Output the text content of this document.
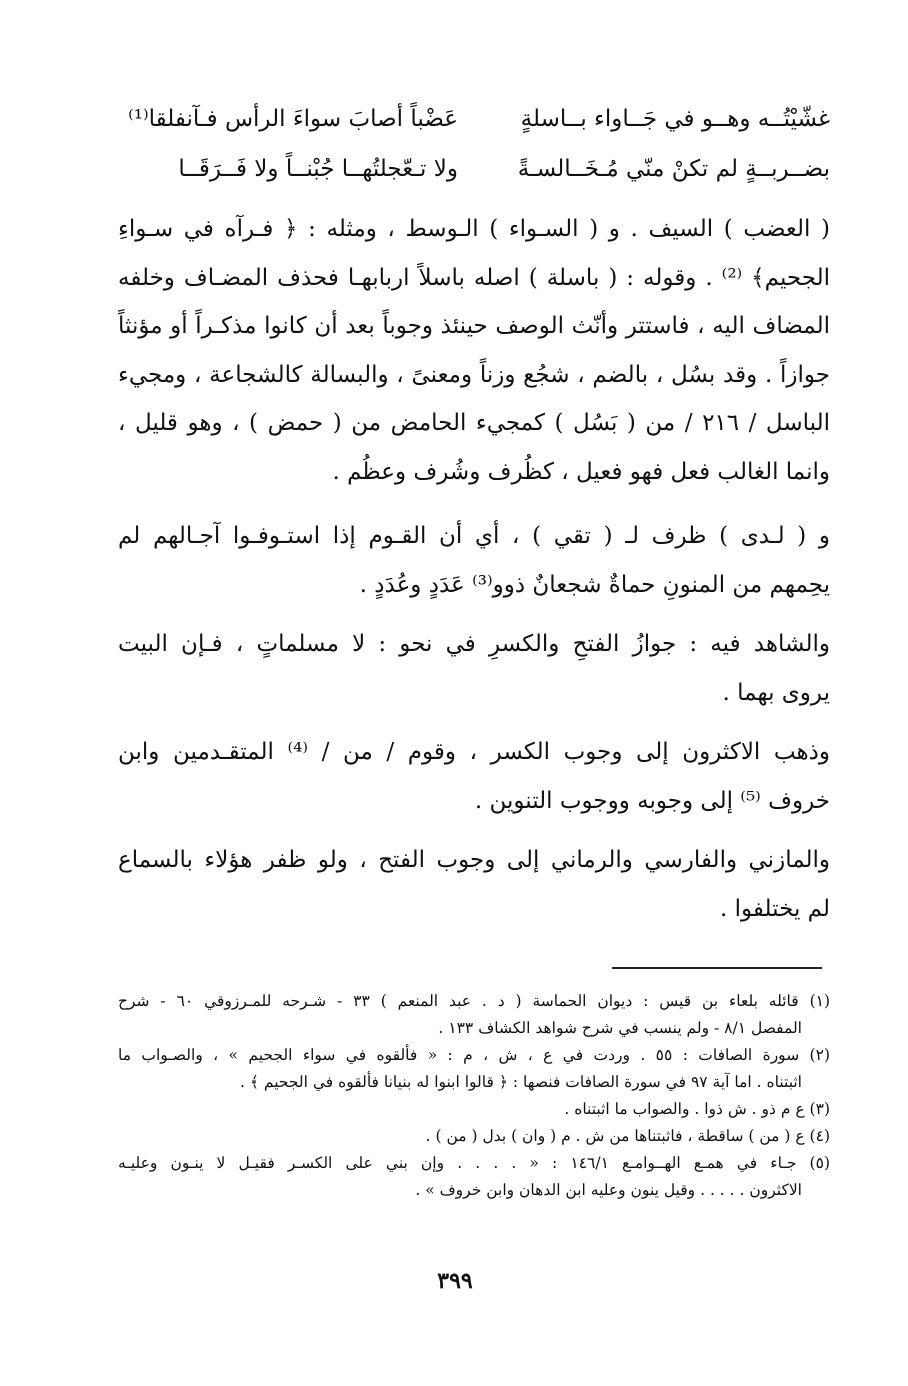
غشّيْتُــه وهــو في جَــاواء بــاسلةٍ
عَضْباً أصابَ سواءَ الرأس فـآنفلقا⁽¹⁾
بضــربــةٍ لم تكنْ منّي مُـخَــالسـةً
ولا تـعّجلتُهــا جُبْنــاً ولا فَــرَقَــا
( العضب ) السيف . و ( السـواء ) الـوسط ، ومثله : ﴿ فـرآه في سـواءِ
الجحيم﴾ ⁽²⁾ . وقوله : ( باسلة ) اصله باسلاً اربابهـا فحذف المضـاف وخلفه
المضاف اليه ، فاستتر وأنّث الوصف حينئذ وجوباً بعد أن كانوا مذكـراً أو مؤنثاً
جوازاً . وقد بسُل ، بالضم ، شجُع وزناً ومعنىً ، والبسالة كالشجاعة ، ومجيء
الباسل / ٢١٦ / من ( بَسُل ) كمجيء الحامض من ( حمض ) ، وهو قليل ،
وانما الغالب فعل فهو فعيل ، كظُرف وشُرف وعظُم .
و ( لـدى ) ظرف لـ ( تقي ) ، أي أن القـوم إذا استـوفـوا آجـالهم لم
يحِمهم من المنونِ حماةٌ شجعانٌ ذوو⁽³⁾ عَدَدٍ وعُدَدٍ .
والشاهد فيه : جوازُ الفتحِ والكسرِ في نحو : لا مسلماتٍ ، فـإن البيت
يروى بهما .
وذهب الاكثرون إلى وجوب الكسر ، وقوم / من / ⁽⁴⁾ المتقـدمين وابن
خروف ⁽⁵⁾ إلى وجوبه ووجوب التنوين .
والمازني والفارسي والرماني إلى وجوب الفتح ، ولو ظفر هؤلاء بالسماع
لم يختلفوا .
(١) قائله بلعاء بن قيس : ديوان الحماسة ( د . عبد المنعم ) ٣٣ - شـرحه للمـرزوقي ٦٠ - شرح
المفصل ٨/١ - ولم ينسب في شرح شواهد الكشاف ١٣٣ .
(٢) سورة الصافات : ٥٥ . وردت في ع ، ش ، م : « فألقوه في سواء الجحيم » ، والصـواب ما
اثبتناه . اما آية ٩٧ في سورة الصافات فنصها : ﴿ قالوا ابنوا له بنيانا فألقوه في الجحيم ﴾ .
(٣) ع م ذو . ش ذوا . والصواب ما اثبتناه .
(٤) ع ( من ) ساقطة ، فاثبتناها من ش . م ( وان ) بدل ( من ) .
(٥) جـاء في همـع الهــوامـع ١٤٦/١ : « . . . . وإن بني على الكسـر فقيـل لا ينـون وعليـه
الاكثرون . . . . . وقيل ينون وعليه ابن الدهان وابن خروف » .
٣٩٩
